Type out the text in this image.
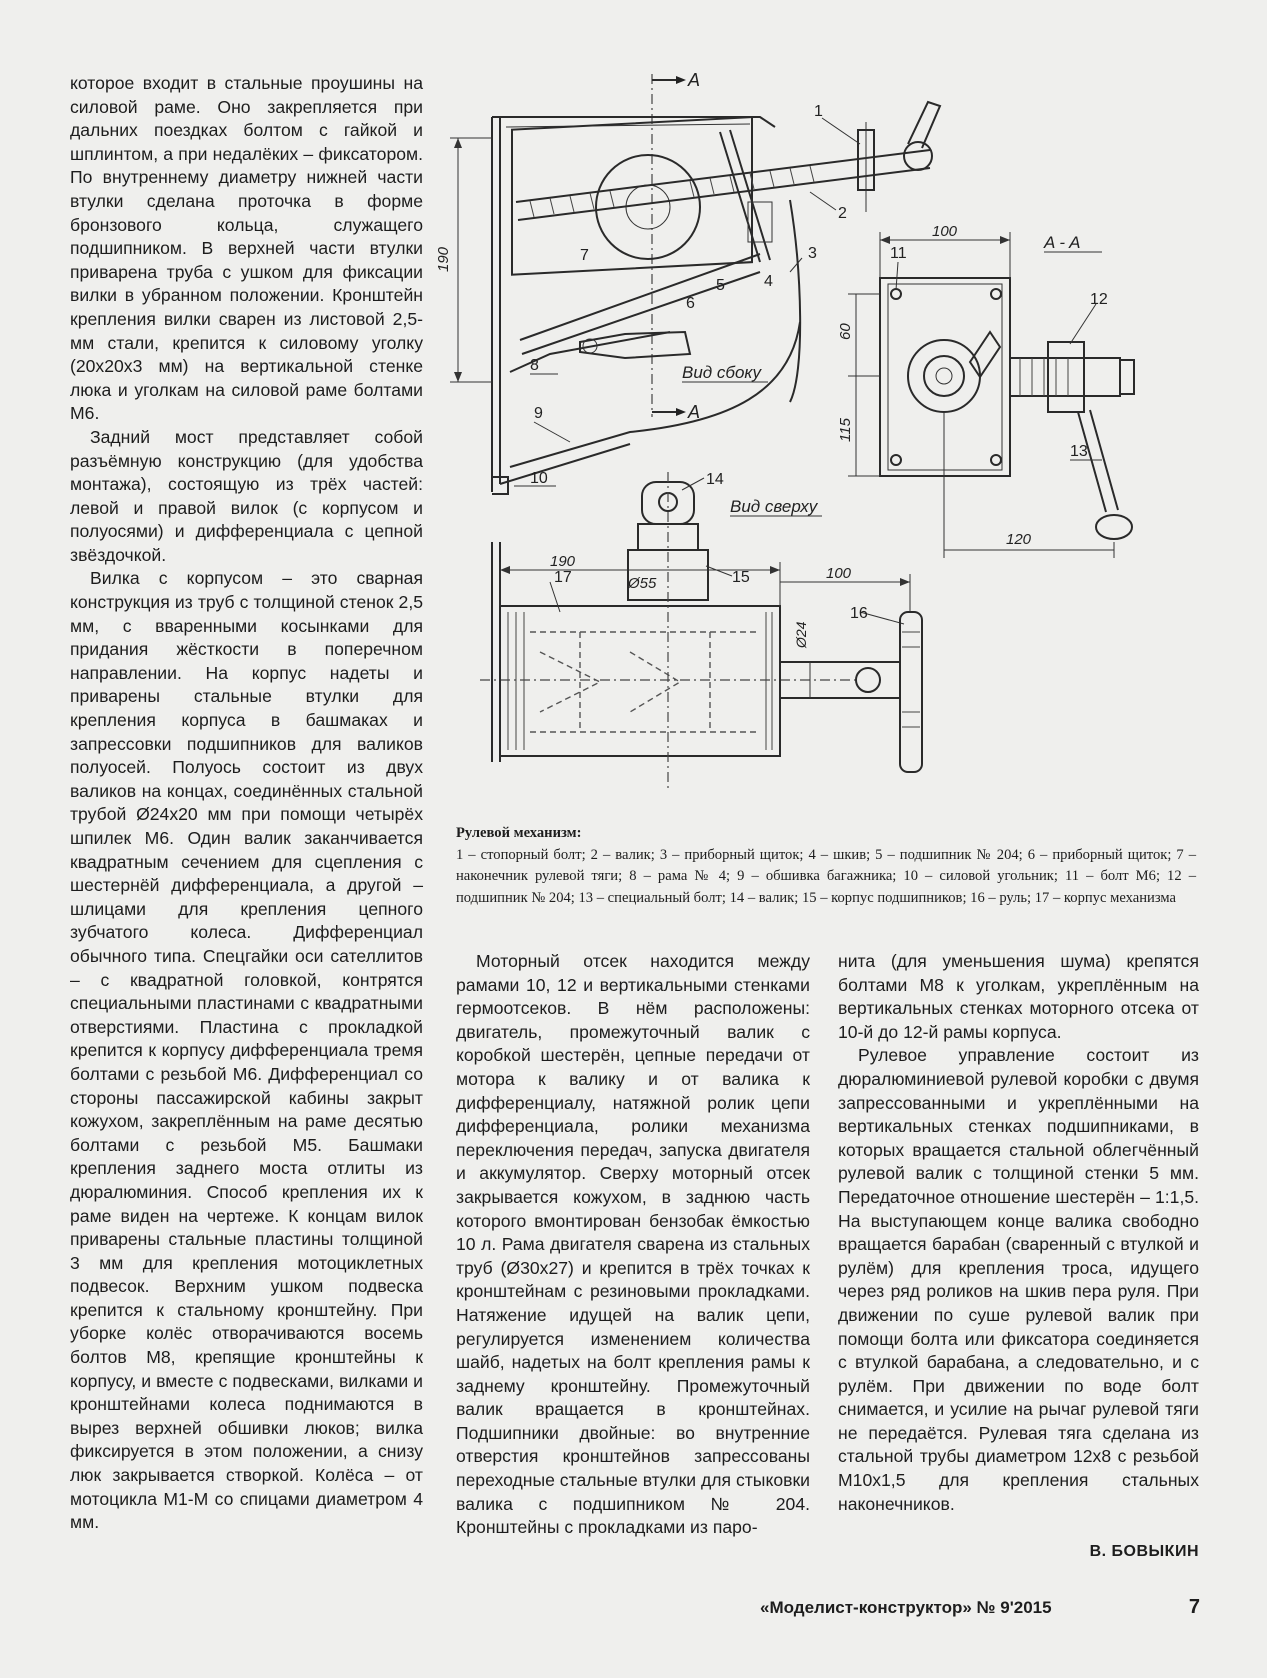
которое входит в стальные проушины на силовой раме. Оно закрепляется при дальних поездках болтом с гайкой и шплинтом, а при недалёких – фиксатором. По внутреннему диаметру нижней части втулки сделана проточка в форме бронзового кольца, служащего подшипником. В верхней части втулки приварена труба с ушком для фиксации вилки в убранном положении. Кронштейн крепления вилки сварен из листовой 2,5-мм стали, крепится к силовому уголку (20х20х3 мм) на вертикальной стенке люка и уголкам на силовой раме болтами М6.

Задний мост представляет собой разъёмную конструкцию (для удобства монтажа), состоящую из трёх частей: левой и правой вилок (с корпусом и полуосями) и дифференциала с цепной звёздочкой.

Вилка с корпусом – это сварная конструкция из труб с толщиной стенок 2,5 мм, с вваренными косынками для придания жёсткости в поперечном направлении. На корпус надеты и приварены стальные втулки для крепления корпуса в башмаках и запрессовки подшипников для валиков полуосей. Полуось состоит из двух валиков на концах, соединённых стальной трубой Ø24х20 мм при помощи четырёх шпилек М6. Один валик заканчивается квадратным сечением для сцепления с шестернёй дифференциала, а другой – шлицами для крепления цепного зубчатого колеса. Дифференциал обычного типа. Спецгайки оси сателлитов – с квадратной головкой, контрятся специальными пластинами с квадратными отверстиями. Пластина с прокладкой крепится к корпусу дифференциала тремя болтами с резьбой М6. Дифференциал со стороны пассажирской кабины закрыт кожухом, закреплённым на раме десятью болтами с резьбой М5. Башмаки крепления заднего моста отлиты из дюралюминия. Способ крепления их к раме виден на чертеже. К концам вилок приварены стальные пластины толщиной 3 мм для крепления мотоциклетных подвесок. Верхним ушком подвеска крепится к стальному кронштейну. При уборке колёс отворачиваются восемь болтов М8, крепящие кронштейны к корпусу, и вместе с подвесками, вилками и кронштейнами колеса поднимаются в вырез верхней обшивки люков; вилка фиксируется в этом положении, а снизу люк закрывается створкой. Колёса – от мотоцикла М1-М со спицами диаметром 4 мм.

A
A
190
Вид сбоку
1
2
3
4
5
6
7
8
9
10
A - A
100
60
115
120
11
12
13
Вид сверху
190
Ø55
100
Ø24
14
15
16
17
Рулевой механизм:
1 – стопорный болт; 2 – валик; 3 – приборный щиток; 4 – шкив; 5 – подшипник № 204; 6 – приборный щиток; 7 – наконечник рулевой тяги; 8 – рама № 4; 9 – обшивка багажника; 10 – силовой угольник; 11 – болт М6; 12 – подшипник № 204; 13 – специальный болт; 14 – валик; 15 – корпус подшипников; 16 – руль; 17 – корпус механизма

Моторный отсек находится между рамами 10, 12 и вертикальными стенками гермоотсеков. В нём расположены: двигатель, промежуточный валик с коробкой шестерён, цепные передачи от мотора к валику и от валика к дифференциалу, натяжной ролик цепи дифференциала, ролики механизма переключения передач, запуска двигателя и аккумулятор. Сверху моторный отсек закрывается кожухом, в заднюю часть которого вмонтирован бензобак ёмкостью 10 л. Рама двигателя сварена из стальных труб (Ø30х27) и крепится в трёх точках к кронштейнам с резиновыми прокладками. Натяжение идущей на валик цепи, регулируется изменением количества шайб, надетых на болт крепления рамы к заднему кронштейну. Промежуточный валик вращается в кронштейнах. Подшипники двойные: во внутренние отверстия кронштейнов запрессованы переходные стальные втулки для стыковки валика с подшипником № 204. Кронштейны с прокладками из паро-

нита (для уменьшения шума) крепятся болтами М8 к уголкам, укреплённым на вертикальных стенках моторного отсека от 10-й до 12-й рамы корпуса.

Рулевое управление состоит из дюралюминиевой рулевой коробки с двумя запрессованными и укреплёнными на вертикальных стенках подшипниками, в которых вращается стальной облегчённый рулевой валик с толщиной стенки 5 мм. Передаточное отношение шестерён – 1:1,5. На выступающем конце валика свободно вращается барабан (сваренный с втулкой и рулём) для крепления троса, идущего через ряд роликов на шкив пера руля. При движении по суше рулевой валик при помощи болта или фиксатора соединяется с втулкой барабана, а следовательно, и с рулём. При движении по воде болт снимается, и усилие на рычаг рулевой тяги не передаётся. Рулевая тяга сделана из стальной трубы диаметром 12х8 с резьбой М10х1,5 для крепления стальных наконечников.

В. БОВЫКИН
«Моделист-конструктор» № 9'2015	7
